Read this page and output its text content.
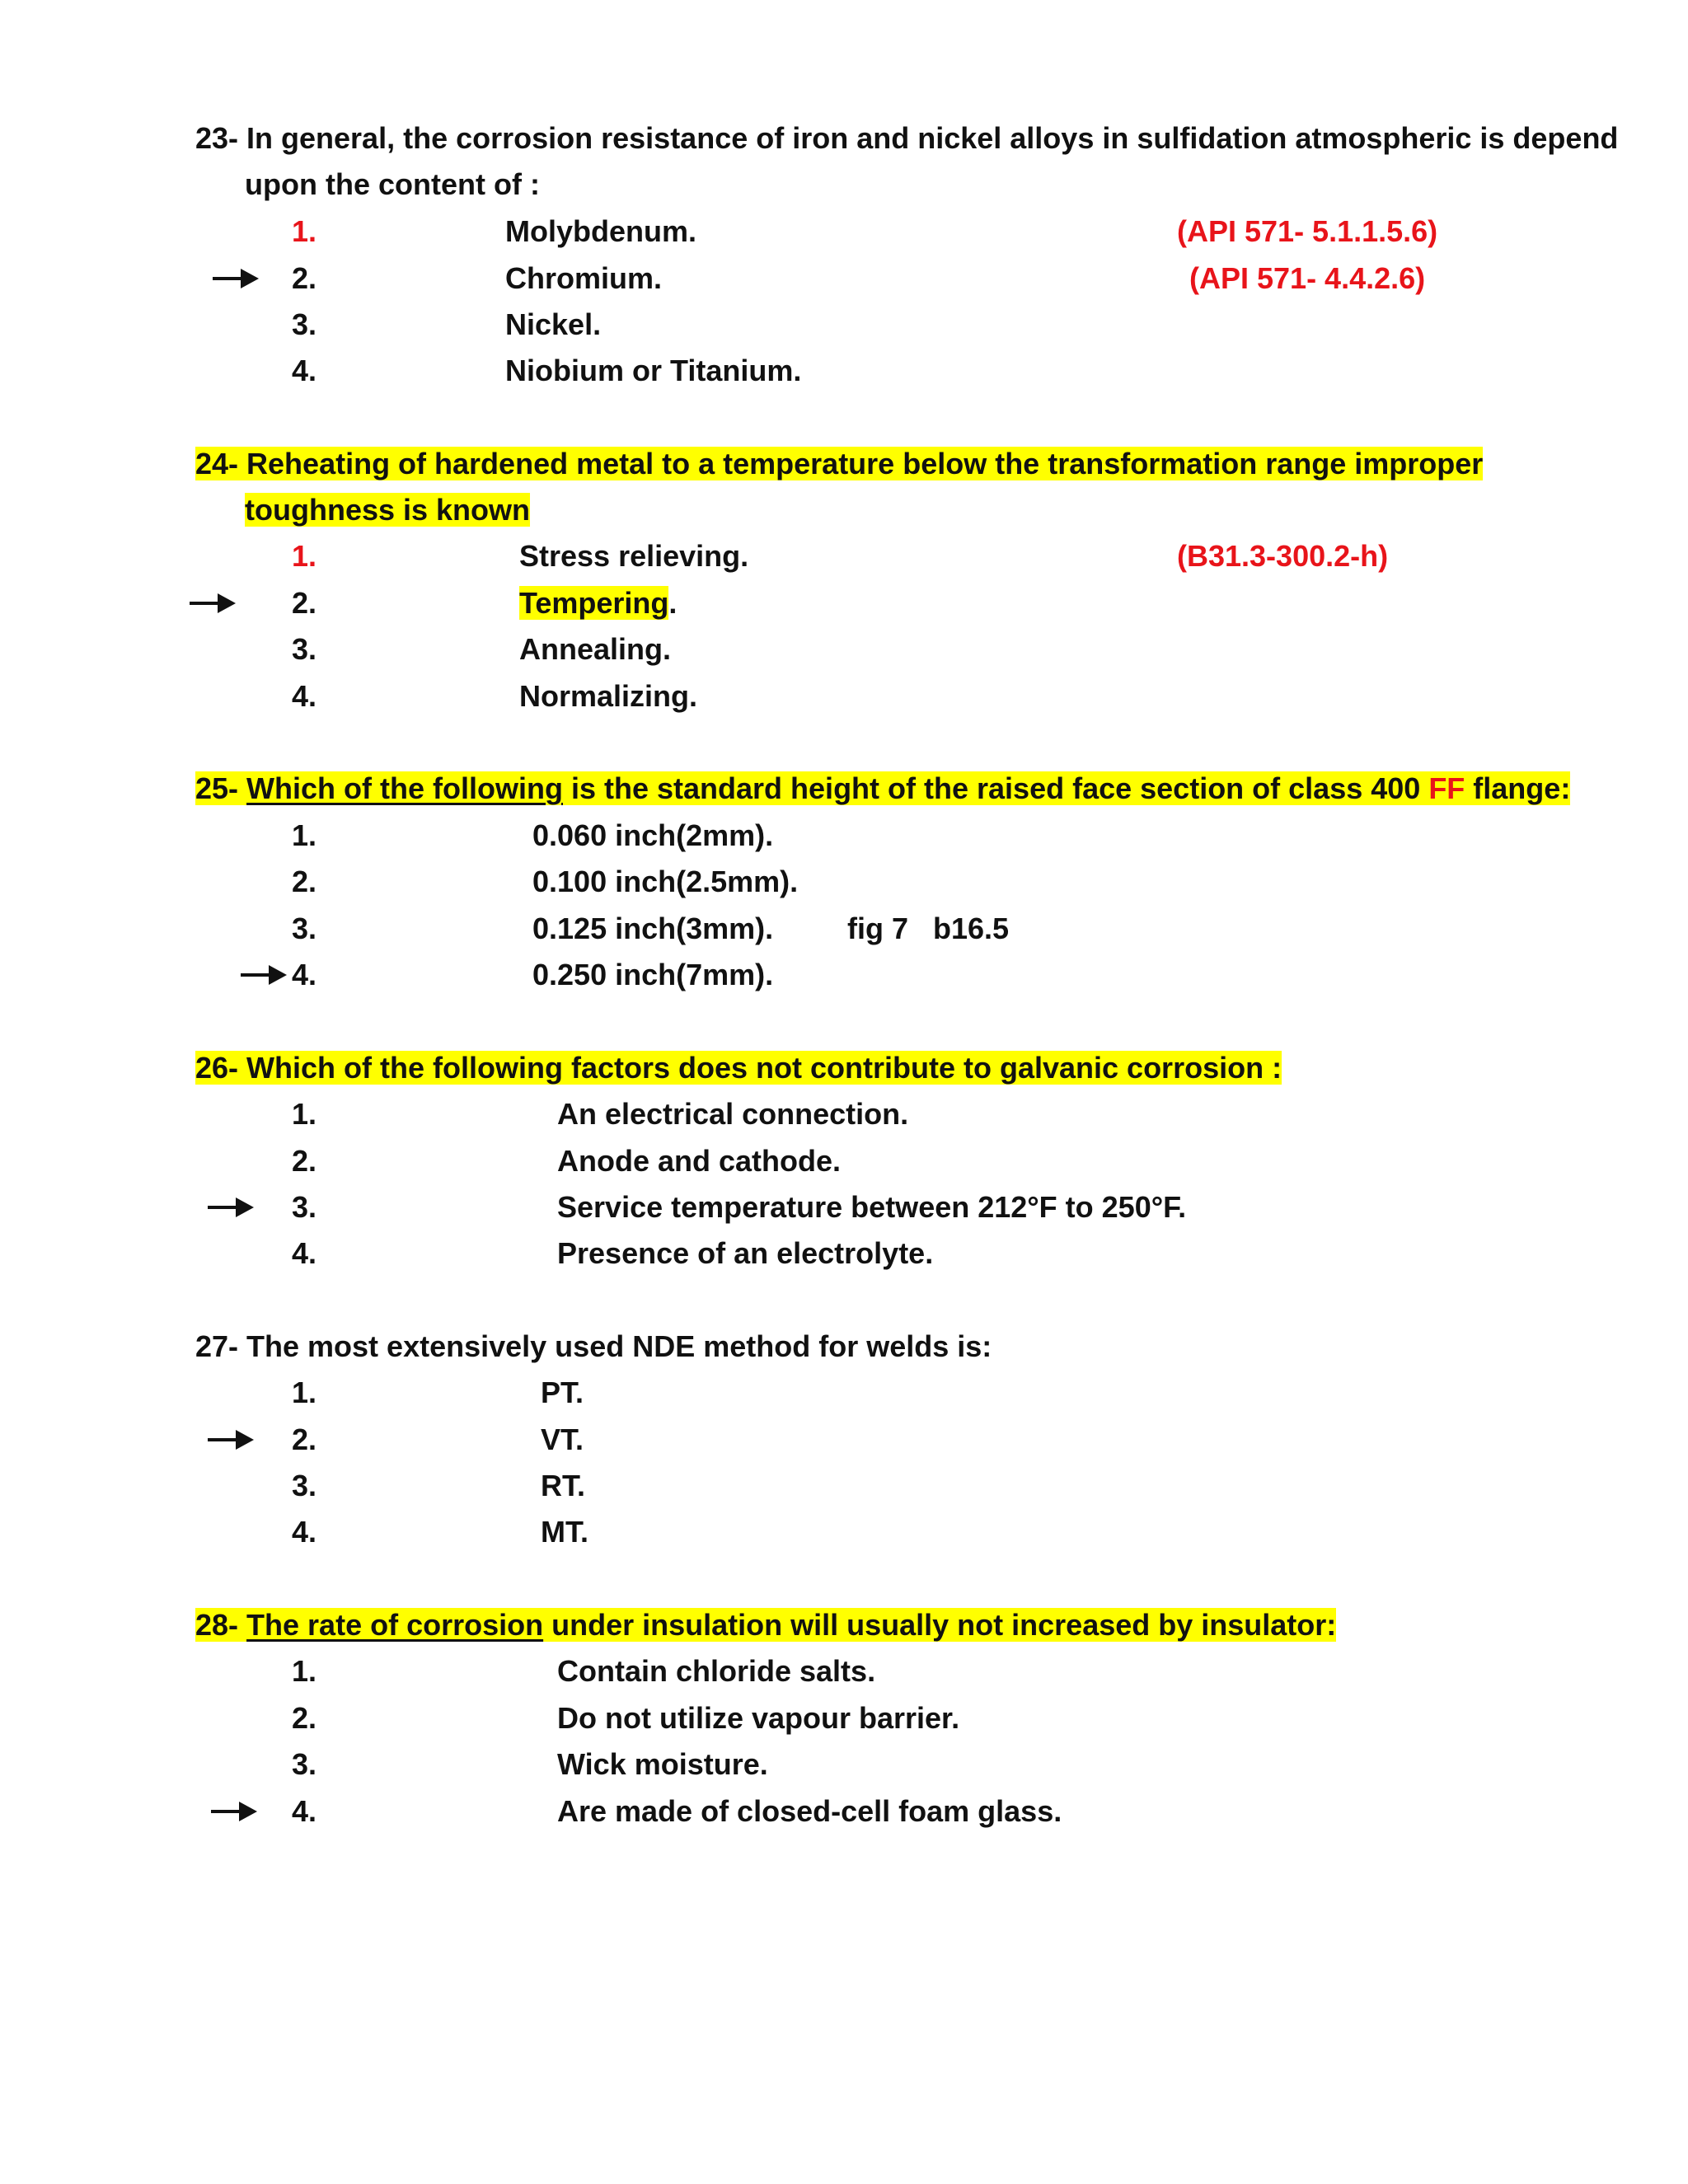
23- In general, the corrosion resistance of iron and nickel alloys in sulfidation atmospheric is depend
upon the content of :
1.	Molybdenum.	(API 571- 5.1.1.5.6)
2.	Chromium.	(API 571- 4.4.2.6)
3.	Nickel.
4.	Niobium or Titanium.
24- Reheating of hardened metal to a temperature below the transformation range improper
toughness is known
1.	Stress relieving.	(B31.3-300.2-h)
2.	Tempering.
3.	Annealing.
4.	Normalizing.
25- Which of the following is the standard height of the raised face section of class 400 FF flange:
1.	0.060 inch(2mm).
2.	0.100 inch(2.5mm).
3.	0.125 inch(3mm). fig 7   b16.5
4.	0.250 inch(7mm).
26- Which of the following factors does not contribute to galvanic corrosion :
1.	An electrical connection.
2.	Anode and cathode.
3.	Service temperature between 212°F to 250°F.
4.	Presence of an electrolyte.
27- The most extensively used NDE method for welds is:
1.	PT.
2.	VT.
3.	RT.
4.	MT.
28- The rate of corrosion under insulation will usually not increased by insulator:
1.	Contain chloride salts.
2.	Do not utilize vapour barrier.
3.	Wick moisture.
4.	Are made of closed-cell foam glass.
